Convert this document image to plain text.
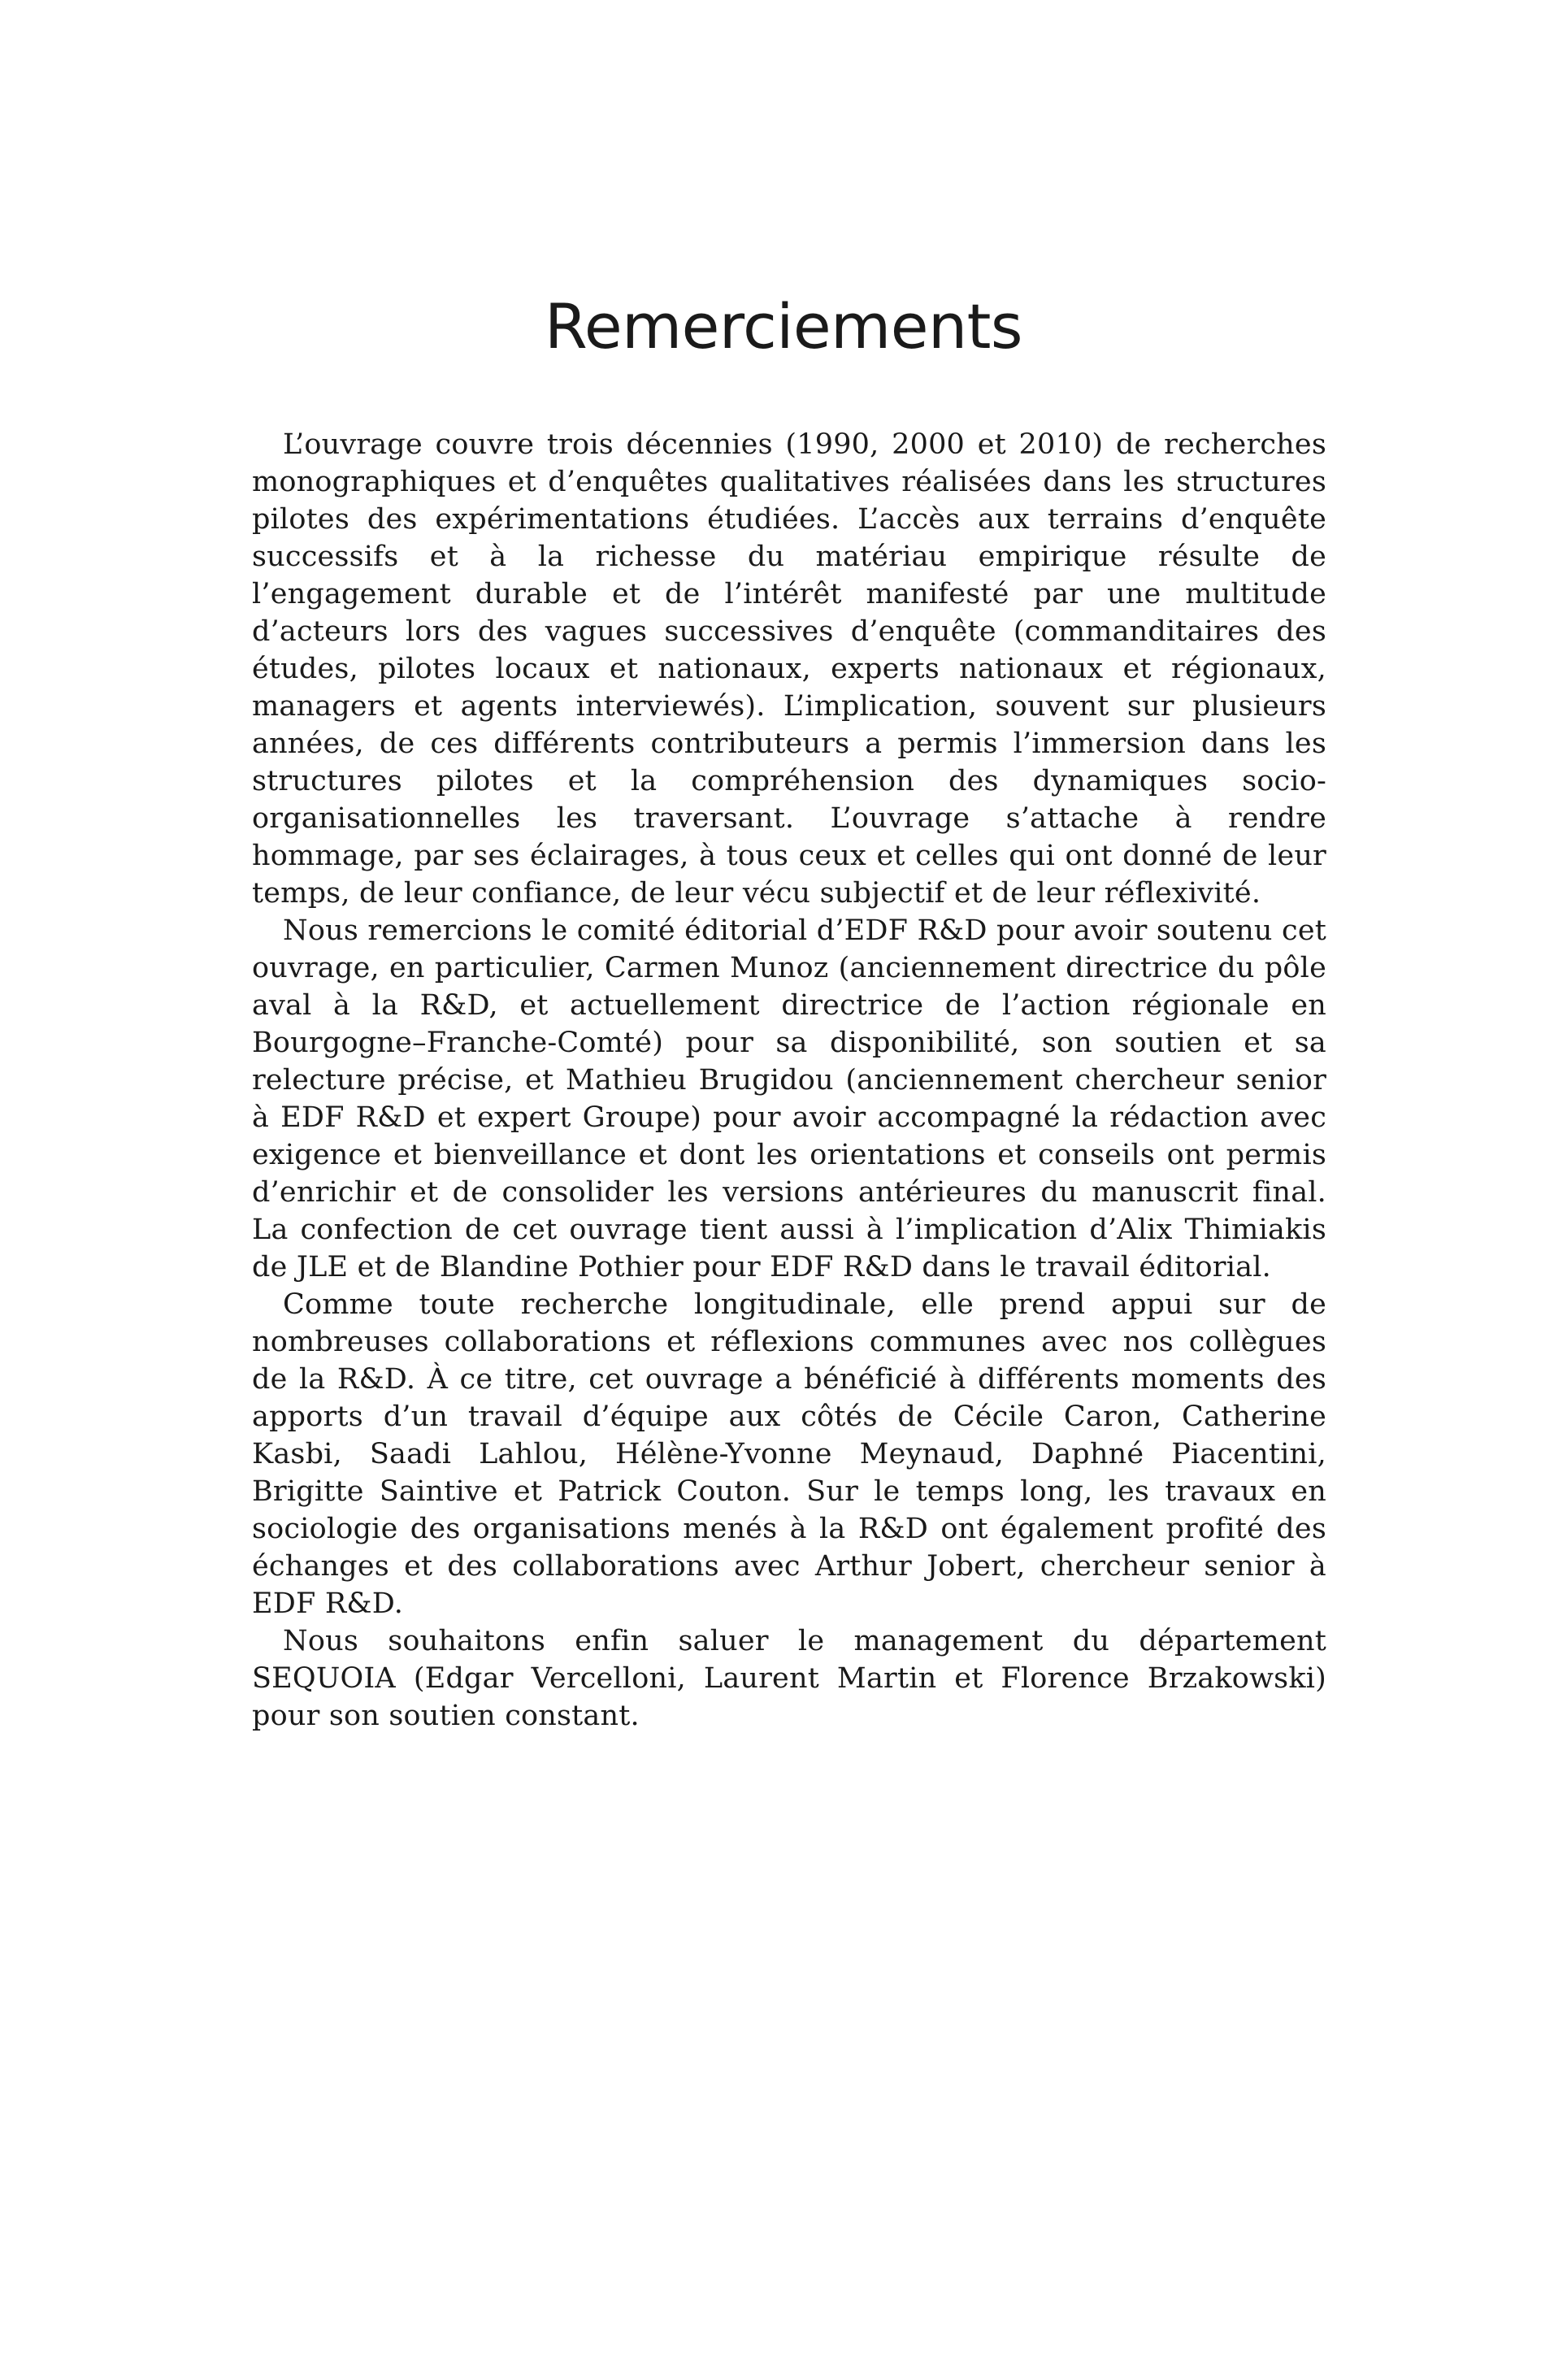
Remerciements

L’ouvrage couvre trois décennies (1990, 2000 et 2010) de recherches monographiques et d’enquêtes qualitatives réalisées dans les structures pilotes des expérimentations étudiées. L’accès aux terrains d’enquête successifs et à la richesse du matériau empirique résulte de l’engagement durable et de l’intérêt manifesté par une multitude d’acteurs lors des vagues successives d’enquête (commanditaires des études, pilotes locaux et nationaux, experts nationaux et régionaux, managers et agents interviewés). L’implication, souvent sur plusieurs années, de ces différents contributeurs a permis l’immersion dans les structures pilotes et la compréhension des dynamiques socio-organisationnelles les traversant. L’ouvrage s’attache à rendre hommage, par ses éclairages, à tous ceux et celles qui ont donné de leur temps, de leur confiance, de leur vécu subjectif et de leur réflexivité.

Nous remercions le comité éditorial d’EDF R&D pour avoir soutenu cet ouvrage, en particulier, Carmen Munoz (anciennement directrice du pôle aval à la R&D, et actuellement directrice de l’action régionale en Bourgogne–Franche-Comté) pour sa disponibilité, son soutien et sa relecture précise, et Mathieu Brugidou (anciennement chercheur senior à EDF R&D et expert Groupe) pour avoir accompagné la rédaction avec exigence et bienveillance et dont les orientations et conseils ont permis d’enrichir et de consolider les versions antérieures du manuscrit final. La confection de cet ouvrage tient aussi à l’implication d’Alix Thimiakis de JLE et de Blandine Pothier pour EDF R&D dans le travail éditorial.

Comme toute recherche longitudinale, elle prend appui sur de nombreuses collaborations et réflexions communes avec nos collègues de la R&D. À ce titre, cet ouvrage a bénéficié à différents moments des apports d’un travail d’équipe aux côtés de Cécile Caron, Catherine Kasbi, Saadi Lahlou, Hélène-Yvonne Meynaud, Daphné Piacentini, Brigitte Saintive et Patrick Couton. Sur le temps long, les travaux en sociologie des organisations menés à la R&D ont également profité des échanges et des collaborations avec Arthur Jobert, chercheur senior à EDF R&D.

Nous souhaitons enfin saluer le management du département SEQUOIA (Edgar Vercelloni, Laurent Martin et Florence Brzakowski) pour son soutien constant.
